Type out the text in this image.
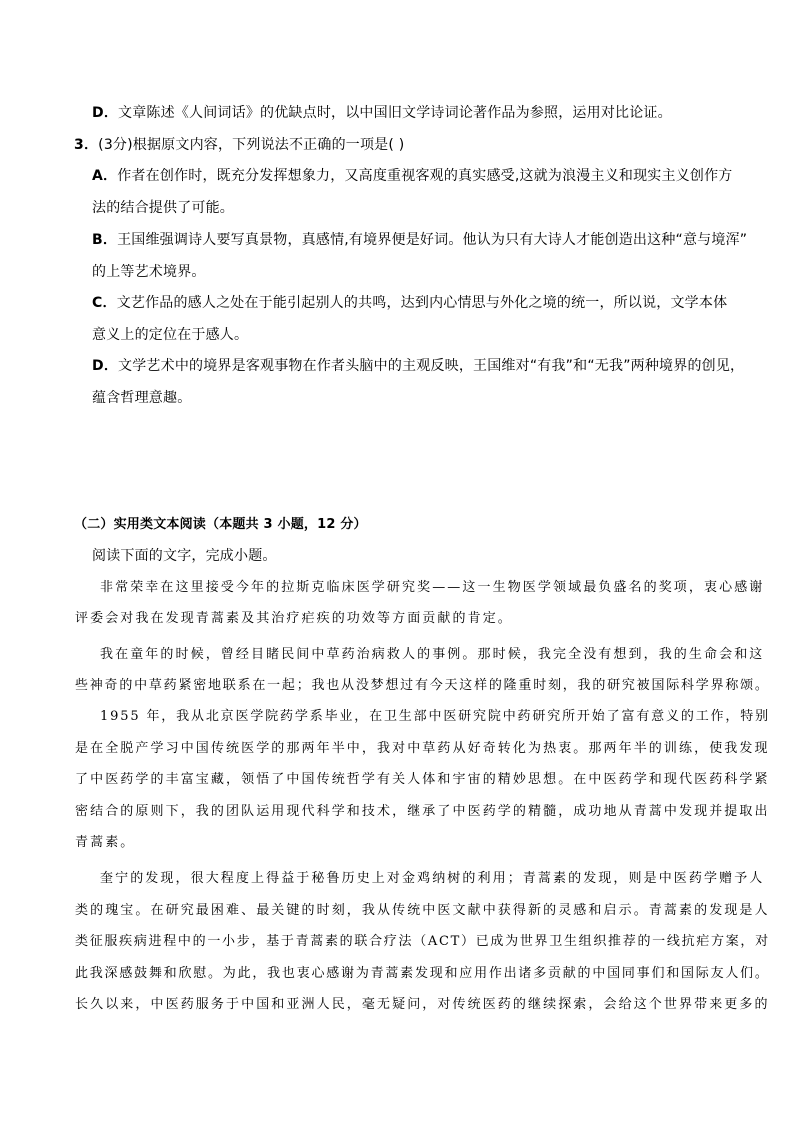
D．文章陈述《人间词话》的优缺点时，以中国旧文学诗词论著作品为参照，运用对比论证。
3．(3分)根据原文内容，下列说法不正确的一项是( )
A．作者在创作时，既充分发挥想象力，又高度重视客观的真实感受,这就为浪漫主义和现实主义创作方
法的结合提供了可能。
B．王国维强调诗人要写真景物，真感情,有境界便是好词。他认为只有大诗人才能创造出这种“意与境浑”
的上等艺术境界。
C．文艺作品的感人之处在于能引起别人的共鸣，达到内心情思与外化之境的统一，所以说，文学本体
意义上的定位在于感人。
D．文学艺术中的境界是客观事物在作者头脑中的主观反映，王国维对“有我”和“无我”两种境界的创见，
蕴含哲理意趣。
（二）实用类文本阅读（本题共 3 小题，12 分）
阅读下面的文字，完成小题。
非常荣幸在这里接受今年的拉斯克临床医学研究奖——这一生物医学领域最负盛名的奖项，衷心感谢
评委会对我在发现青蒿素及其治疗疟疾的功效等方面贡献的肯定。
我在童年的时候，曾经目睹民间中草药治病救人的事例。那时候，我完全没有想到，我的生命会和这
些神奇的中草药紧密地联系在一起；我也从没梦想过有今天这样的隆重时刻，我的研究被国际科学界称颂。
1955 年，我从北京医学院药学系毕业，在卫生部中医研究院中药研究所开始了富有意义的工作，特别
是在全脱产学习中国传统医学的那两年半中，我对中草药从好奇转化为热衷。那两年半的训练，使我发现
了中医药学的丰富宝藏，领悟了中国传统哲学有关人体和宇宙的精妙思想。在中医药学和现代医药科学紧
密结合的原则下，我的团队运用现代科学和技术，继承了中医药学的精髓，成功地从青蒿中发现并提取出
青蒿素。
奎宁的发现，很大程度上得益于秘鲁历史上对金鸡纳树的利用；青蒿素的发现，则是中医药学赠予人
类的瑰宝。在研究最困难、最关键的时刻，我从传统中医文献中获得新的灵感和启示。青蒿素的发现是人
类征服疾病进程中的一小步，基于青蒿素的联合疗法（ACT）已成为世界卫生组织推荐的一线抗疟方案，对
此我深感鼓舞和欣慰。为此，我也衷心感谢为青蒿素发现和应用作出诸多贡献的中国同事们和国际友人们。
长久以来，中医药服务于中国和亚洲人民，毫无疑问，对传统医药的继续探索，会给这个世界带来更多的
